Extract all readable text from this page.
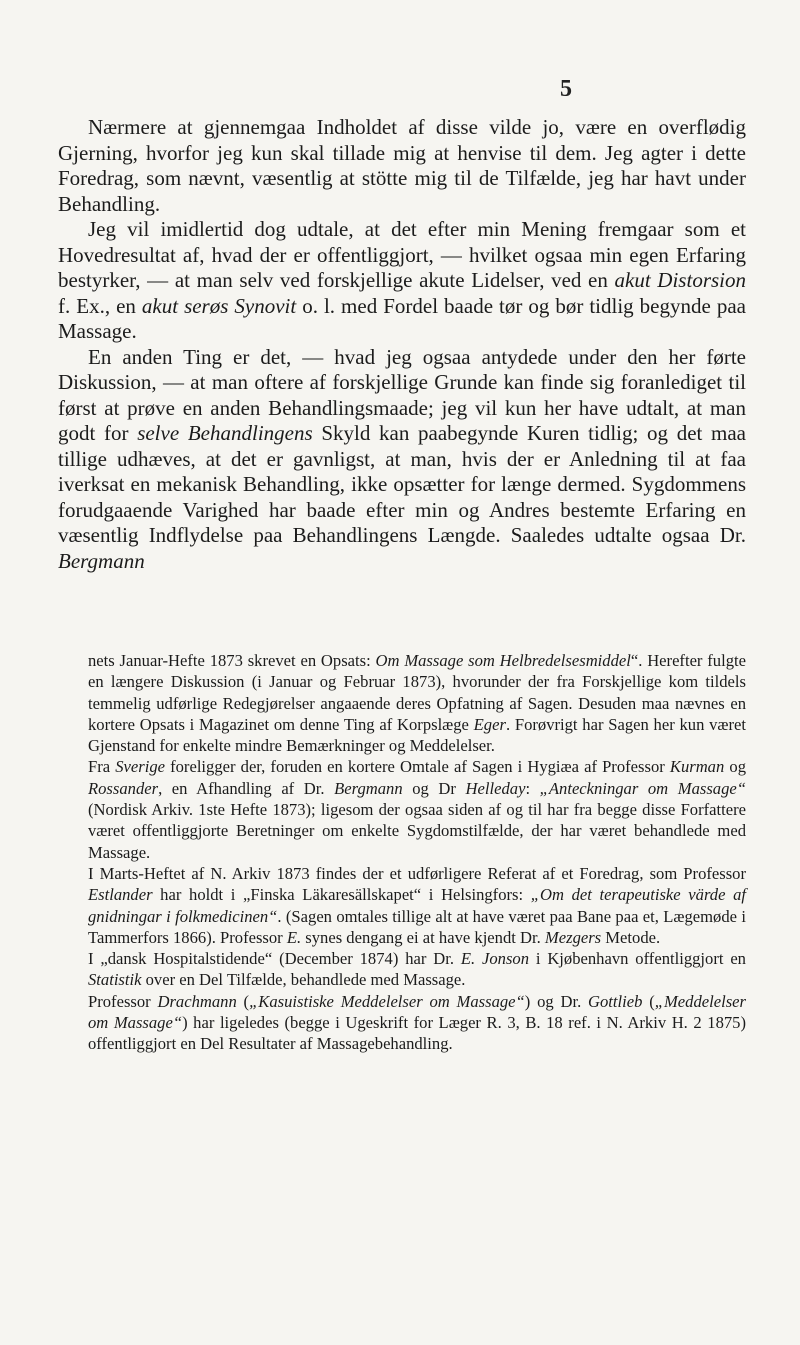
5

Nærmere at gjennemgaa Indholdet af disse vilde jo, være en overflødig Gjerning, hvorfor jeg kun skal tillade mig at henvise til dem. Jeg agter i dette Foredrag, som nævnt, væsentlig at stötte mig til de Tilfælde, jeg har havt under Behandling.

Jeg vil imidlertid dog udtale, at det efter min Mening fremgaar som et Hovedresultat af, hvad der er offentliggjort, — hvilket ogsaa min egen Erfaring bestyrker, — at man selv ved forskjellige akute Lidelser, ved en akut Distorsion f. Ex., en akut serøs Synovit o. l. med Fordel baade tør og bør tidlig begynde paa Massage.

En anden Ting er det, — hvad jeg ogsaa antydede under den her førte Diskussion, — at man oftere af forskjellige Grunde kan finde sig foranlediget til først at prøve en anden Behandlingsmaade; jeg vil kun her have udtalt, at man godt for selve Behandlingens Skyld kan paabegynde Kuren tidlig; og det maa tillige udhæves, at det er gavnligst, at man, hvis der er Anledning til at faa iverksat en mekanisk Behandling, ikke opsætter for længe dermed. Sygdommens forudgaaende Varighed har baade efter min og Andres bestemte Erfaring en væsentlig Indflydelse paa Behandlingens Længde. Saaledes udtalte ogsaa Dr. Bergmann

nets Januar-Hefte 1873 skrevet en Opsats: Om Massage som Helbredelsesmiddel“. Herefter fulgte en længere Diskussion (i Januar og Februar 1873), hvorunder der fra Forskjellige kom tildels temmelig udførlige Redegjørelser angaaende deres Opfatning af Sagen. Desuden maa nævnes en kortere Opsats i Magazinet om denne Ting af Korpslæge Eger. Forøvrigt har Sagen her kun været Gjenstand for enkelte mindre Bemærkninger og Meddelelser.

Fra Sverige foreligger der, foruden en kortere Omtale af Sagen i Hygiæa af Professor Kurman og Rossander, en Afhandling af Dr. Bergmann og Dr Helleday: „Anteckningar om Massage“ (Nordisk Arkiv. 1ste Hefte 1873); ligesom der ogsaa siden af og til har fra begge disse Forfattere været offentliggjorte Beretninger om enkelte Sygdomstilfælde, der har været behandlede med Massage.

I Marts-Heftet af N. Arkiv 1873 findes der et udførligere Referat af et Foredrag, som Professor Estlander har holdt i „Finska Läkaresällskapet“ i Helsingfors: „Om det terapeutiske värde af gnidningar i folkmedicinen“. (Sagen omtales tillige alt at have været paa Bane paa et, Lægemøde i Tammerfors 1866). Professor E. synes dengang ei at have kjendt Dr. Mezgers Metode.

I „dansk Hospitalstidende“ (December 1874) har Dr. E. Jonson i Kjøbenhavn offentliggjort en Statistik over en Del Tilfælde, behandlede med Massage.

Professor Drachmann („Kasuistiske Meddelelser om Massage“) og Dr. Gottlieb („Meddelelser om Massage“) har ligeledes (begge i Ugeskrift for Læger R. 3, B. 18 ref. i N. Arkiv H. 2 1875) offentliggjort en Del Resultater af Massagebehandling.
